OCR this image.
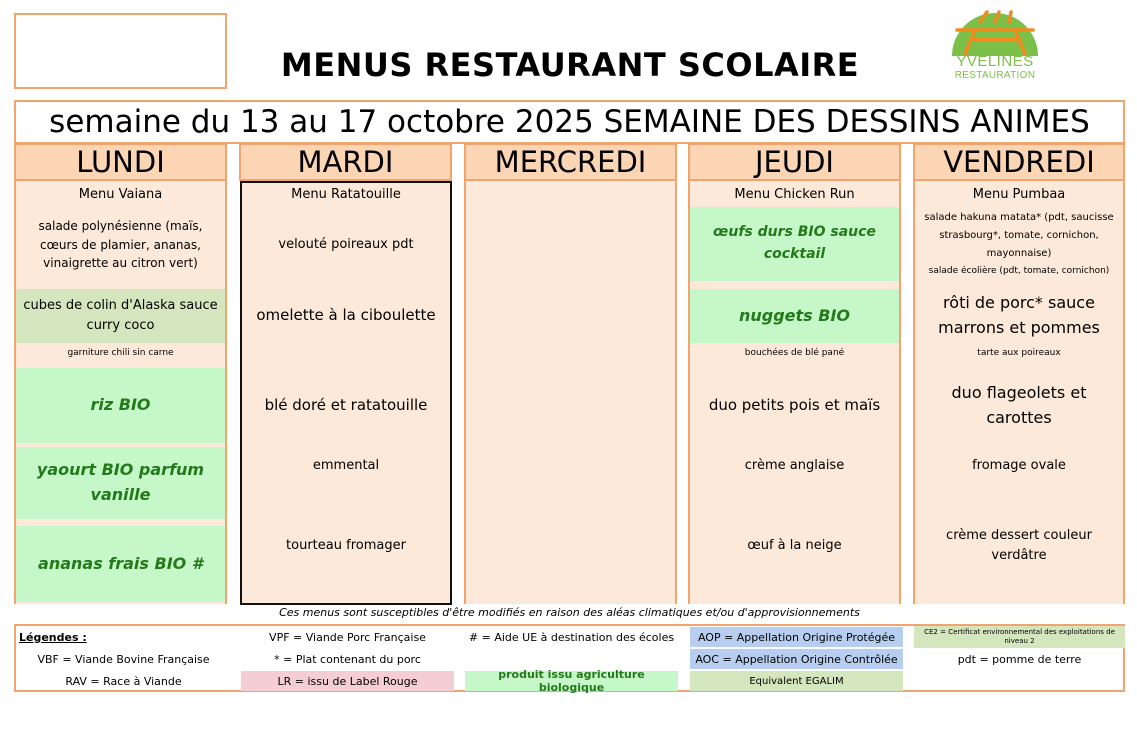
MENUS RESTAURANT SCOLAIRE	YVELINES
RESTAURATION
semaine du 13 au 17 octobre 2025 SEMAINE DES DESSINS ANIMES
LUNDI	MARDI	MERCREDI	JEUDI	VENDREDI
Menu Vaiana
salade polynésienne (maïs, cœurs de plamier, ananas, vinaigrette au citron vert)
cubes de colin d'Alaska sauce curry coco
garniture chili sin carne
riz BIO
yaourt BIO parfum vanille
ananas frais BIO #
Menu Ratatouille
velouté poireaux pdt
omelette à la ciboulette
blé doré et ratatouille
emmental
tourteau fromager
Menu Chicken Run
œufs durs BIO sauce cocktail
nuggets BIO
bouchées de blé pané
duo petits pois et maïs
crème anglaise
œuf à la neige
Menu Pumbaa
salade hakuna matata* (pdt, saucisse strasbourg*, tomate, cornichon, mayonnaise)
salade écolière (pdt, tomate, cornichon)
rôti de porc* sauce marrons et pommes
tarte aux poireaux
duo flageolets et carottes
fromage ovale
crème dessert couleur verdâtre
Ces menus sont susceptibles d'être modifiés en raison des aléas climatiques et/ou d'approvisionnements
Légendes :	VPF = Viande Porc Française	# = Aide UE à destination des écoles	AOP = Appellation Origine Protégée	CE2 = Certificat environnemental des exploitations de niveau 2
VBF = Viande Bovine Française	* = Plat contenant du porc	AOC = Appellation Origine Contrôlée	pdt = pomme de terre
RAV = Race à Viande	LR = issu de Label Rouge	produit issu agriculture biologique	Equivalent EGALIM
